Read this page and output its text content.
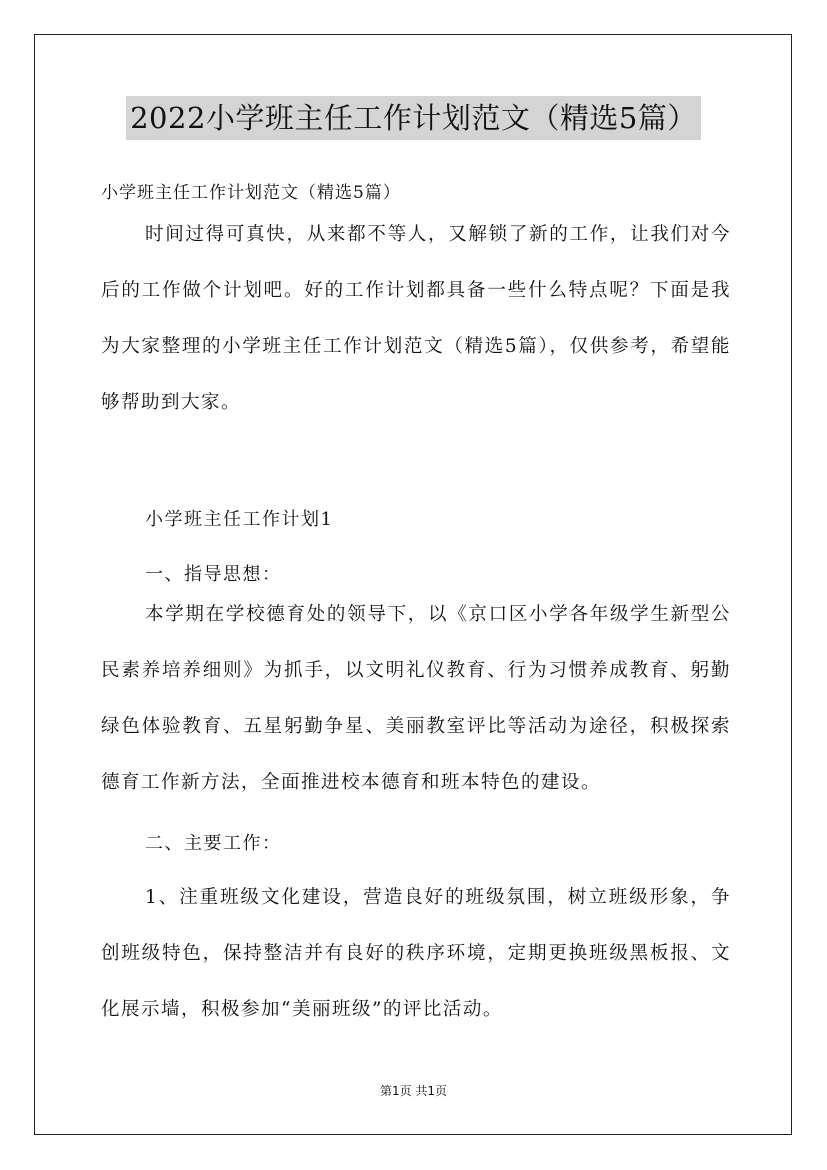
2022小学班主任工作计划范文（精选5篇）

小学班主任工作计划范文（精选5篇）

时间过得可真快，从来都不等人，又解锁了新的工作，让我们对今后的工作做个计划吧。好的工作计划都具备一些什么特点呢？下面是我为大家整理的小学班主任工作计划范文（精选5篇），仅供参考，希望能够帮助到大家。

小学班主任工作计划1

一、指导思想：

本学期在学校德育处的领导下，以《京口区小学各年级学生新型公民素养培养细则》为抓手，以文明礼仪教育、行为习惯养成教育、躬勤绿色体验教育、五星躬勤争星、美丽教室评比等活动为途径，积极探索德育工作新方法，全面推进校本德育和班本特色的建设。

二、主要工作：

1、注重班级文化建设，营造良好的班级氛围，树立班级形象，争创班级特色，保持整洁并有良好的秩序环境，定期更换班级黑板报、文化展示墙，积极参加“美丽班级”的评比活动。

第1页 共1页
